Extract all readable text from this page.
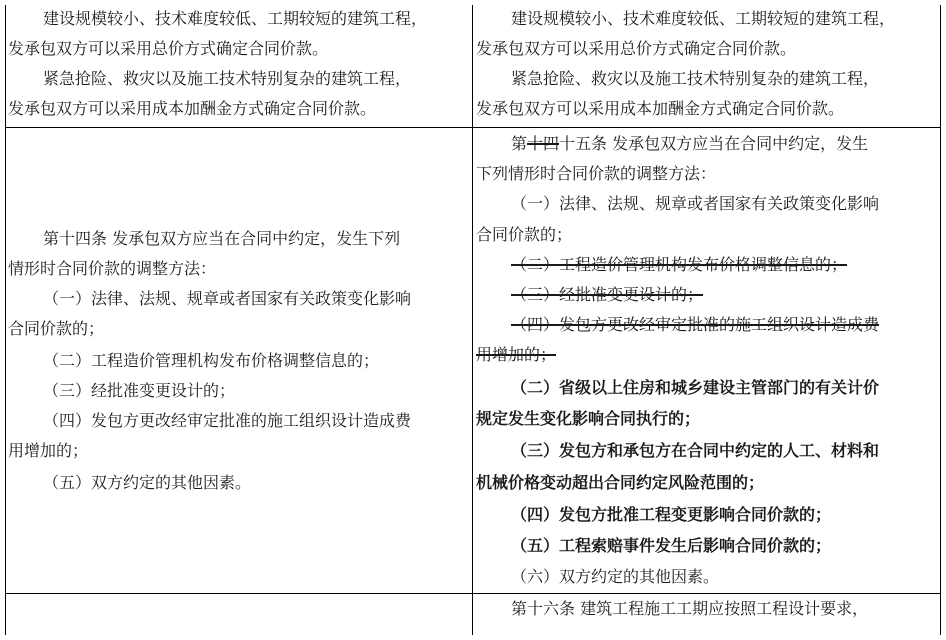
建设规模较小、技术难度较低、工期较短的建筑工程，
发承包双方可以采用总价方式确定合同价款。
紧急抢险、救灾以及施工技术特别复杂的建筑工程，
发承包双方可以采用成本加酬金方式确定合同价款。
第十四条 发承包双方应当在合同中约定，发生下列
情形时合同价款的调整方法：
（一）法律、法规、规章或者国家有关政策变化影响
合同价款的；
（二）工程造价管理机构发布价格调整信息的；
（三）经批准变更设计的；
（四）发包方更改经审定批准的施工组织设计造成费
用增加的；
（五）双方约定的其他因素。
建设规模较小、技术难度较低、工期较短的建筑工程，
发承包双方可以采用总价方式确定合同价款。
紧急抢险、救灾以及施工技术特别复杂的建筑工程，
发承包双方可以采用成本加酬金方式确定合同价款。
第十四十五条 发承包双方应当在合同中约定，发生
下列情形时合同价款的调整方法：
（一）法律、法规、规章或者国家有关政策变化影响
合同价款的；
（二）工程造价管理机构发布价格调整信息的；
（三）经批准变更设计的；
（四）发包方更改经审定批准的施工组织设计造成费
用增加的；
（二）省级以上住房和城乡建设主管部门的有关计价
规定发生变化影响合同执行的；
（三）发包方和承包方在合同中约定的人工、材料和
机械价格变动超出合同约定风险范围的；
（四）发包方批准工程变更影响合同价款的；
（五）工程索赔事件发生后影响合同价款的；
（六）双方约定的其他因素。
第十六条 建筑工程施工工期应按照工程设计要求，
